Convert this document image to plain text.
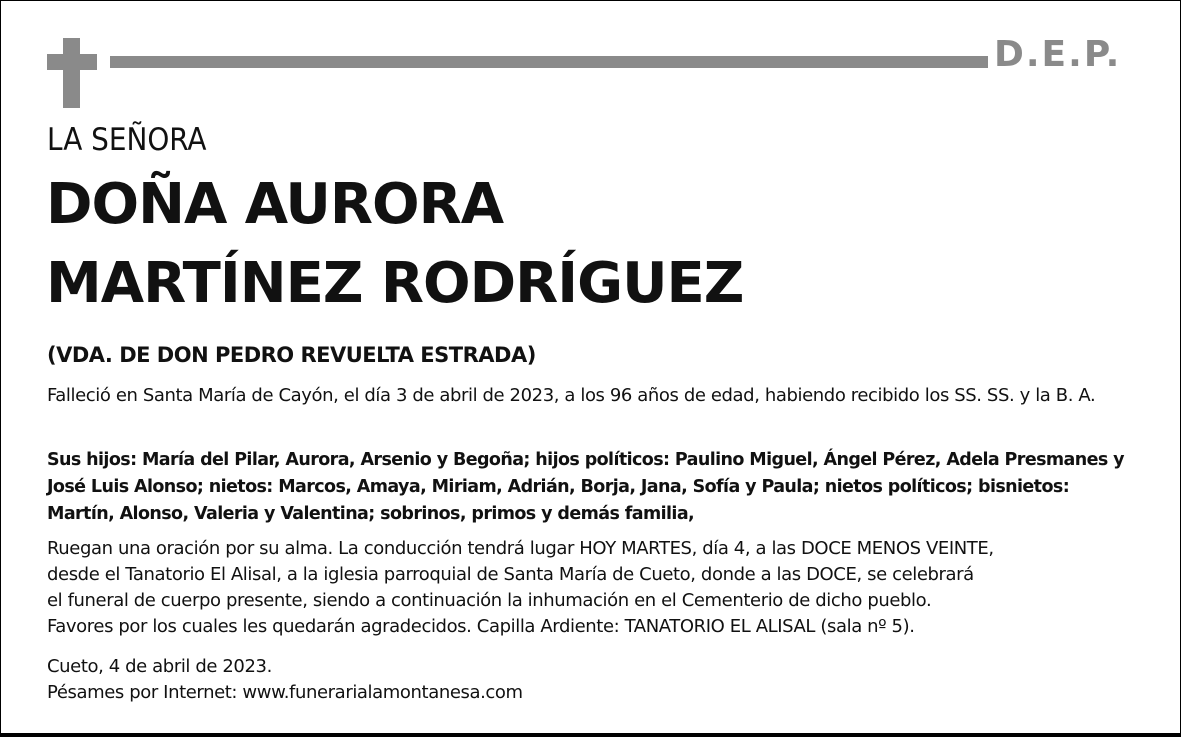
D.E.P.
LA SEÑORA
DOÑA AURORA
MARTÍNEZ RODRÍGUEZ
(VDA. DE DON PEDRO REVUELTA ESTRADA)
Falleció en Santa María de Cayón, el día 3 de abril de 2023, a los 96 años de edad, habiendo recibido los SS. SS. y la B. A.
Sus hijos: María del Pilar, Aurora, Arsenio y Begoña; hijos políticos: Paulino Miguel, Ángel Pérez, Adela Presmanes y José Luis Alonso; nietos: Marcos, Amaya, Miriam, Adrián, Borja, Jana, Sofía y Paula; nietos políticos; bisnietos: Martín, Alonso, Valeria y Valentina; sobrinos, primos y demás familia,
Ruegan una oración por su alma. La conducción tendrá lugar HOY MARTES, día 4, a las DOCE MENOS VEINTE,
desde el Tanatorio El Alisal, a la iglesia parroquial de Santa María de Cueto, donde a las DOCE, se celebrará
el funeral de cuerpo presente, siendo a continuación la inhumación en el Cementerio de dicho pueblo.
Favores por los cuales les quedarán agradecidos. Capilla Ardiente: TANATORIO EL ALISAL (sala nº 5).
Cueto, 4 de abril de 2023.
Pésames por Internet: www.funerarialamontanesa.com
